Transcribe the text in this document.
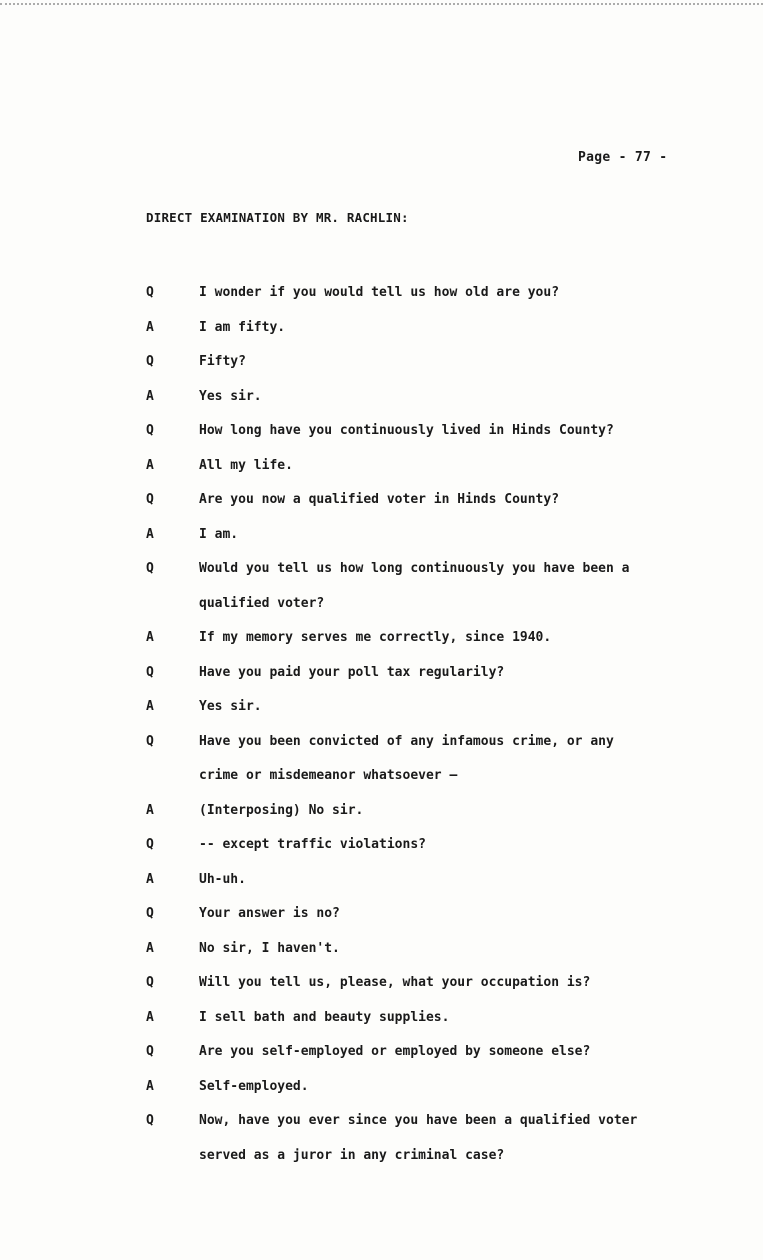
Page - 77 -
DIRECT EXAMINATION BY MR. RACHLIN:
Q	I wonder if you would tell us how old are you?
A	I am fifty.
Q	Fifty?
A	Yes sir.
Q	How long have you continuously lived in Hinds County?
A	All my life.
Q	Are you now a qualified voter in Hinds County?
A	I am.
Q	Would you tell us how long continuously you have been a
qualified voter?
A	If my memory serves me correctly, since 1940.
Q	Have you paid your poll tax regularily?
A	Yes sir.
Q	Have you been convicted of any infamous crime, or any
crime or misdemeanor whatsoever —
A	(Interposing) No sir.
Q	-- except traffic violations?
A	Uh-uh.
Q	Your answer is no?
A	No sir, I haven't.
Q	Will you tell us, please, what your occupation is?
A	I sell bath and beauty supplies.
Q	Are you self-employed or employed by someone else?
A	Self-employed.
Q	Now, have you ever since you have been a qualified voter
served as a juror in any criminal case?
